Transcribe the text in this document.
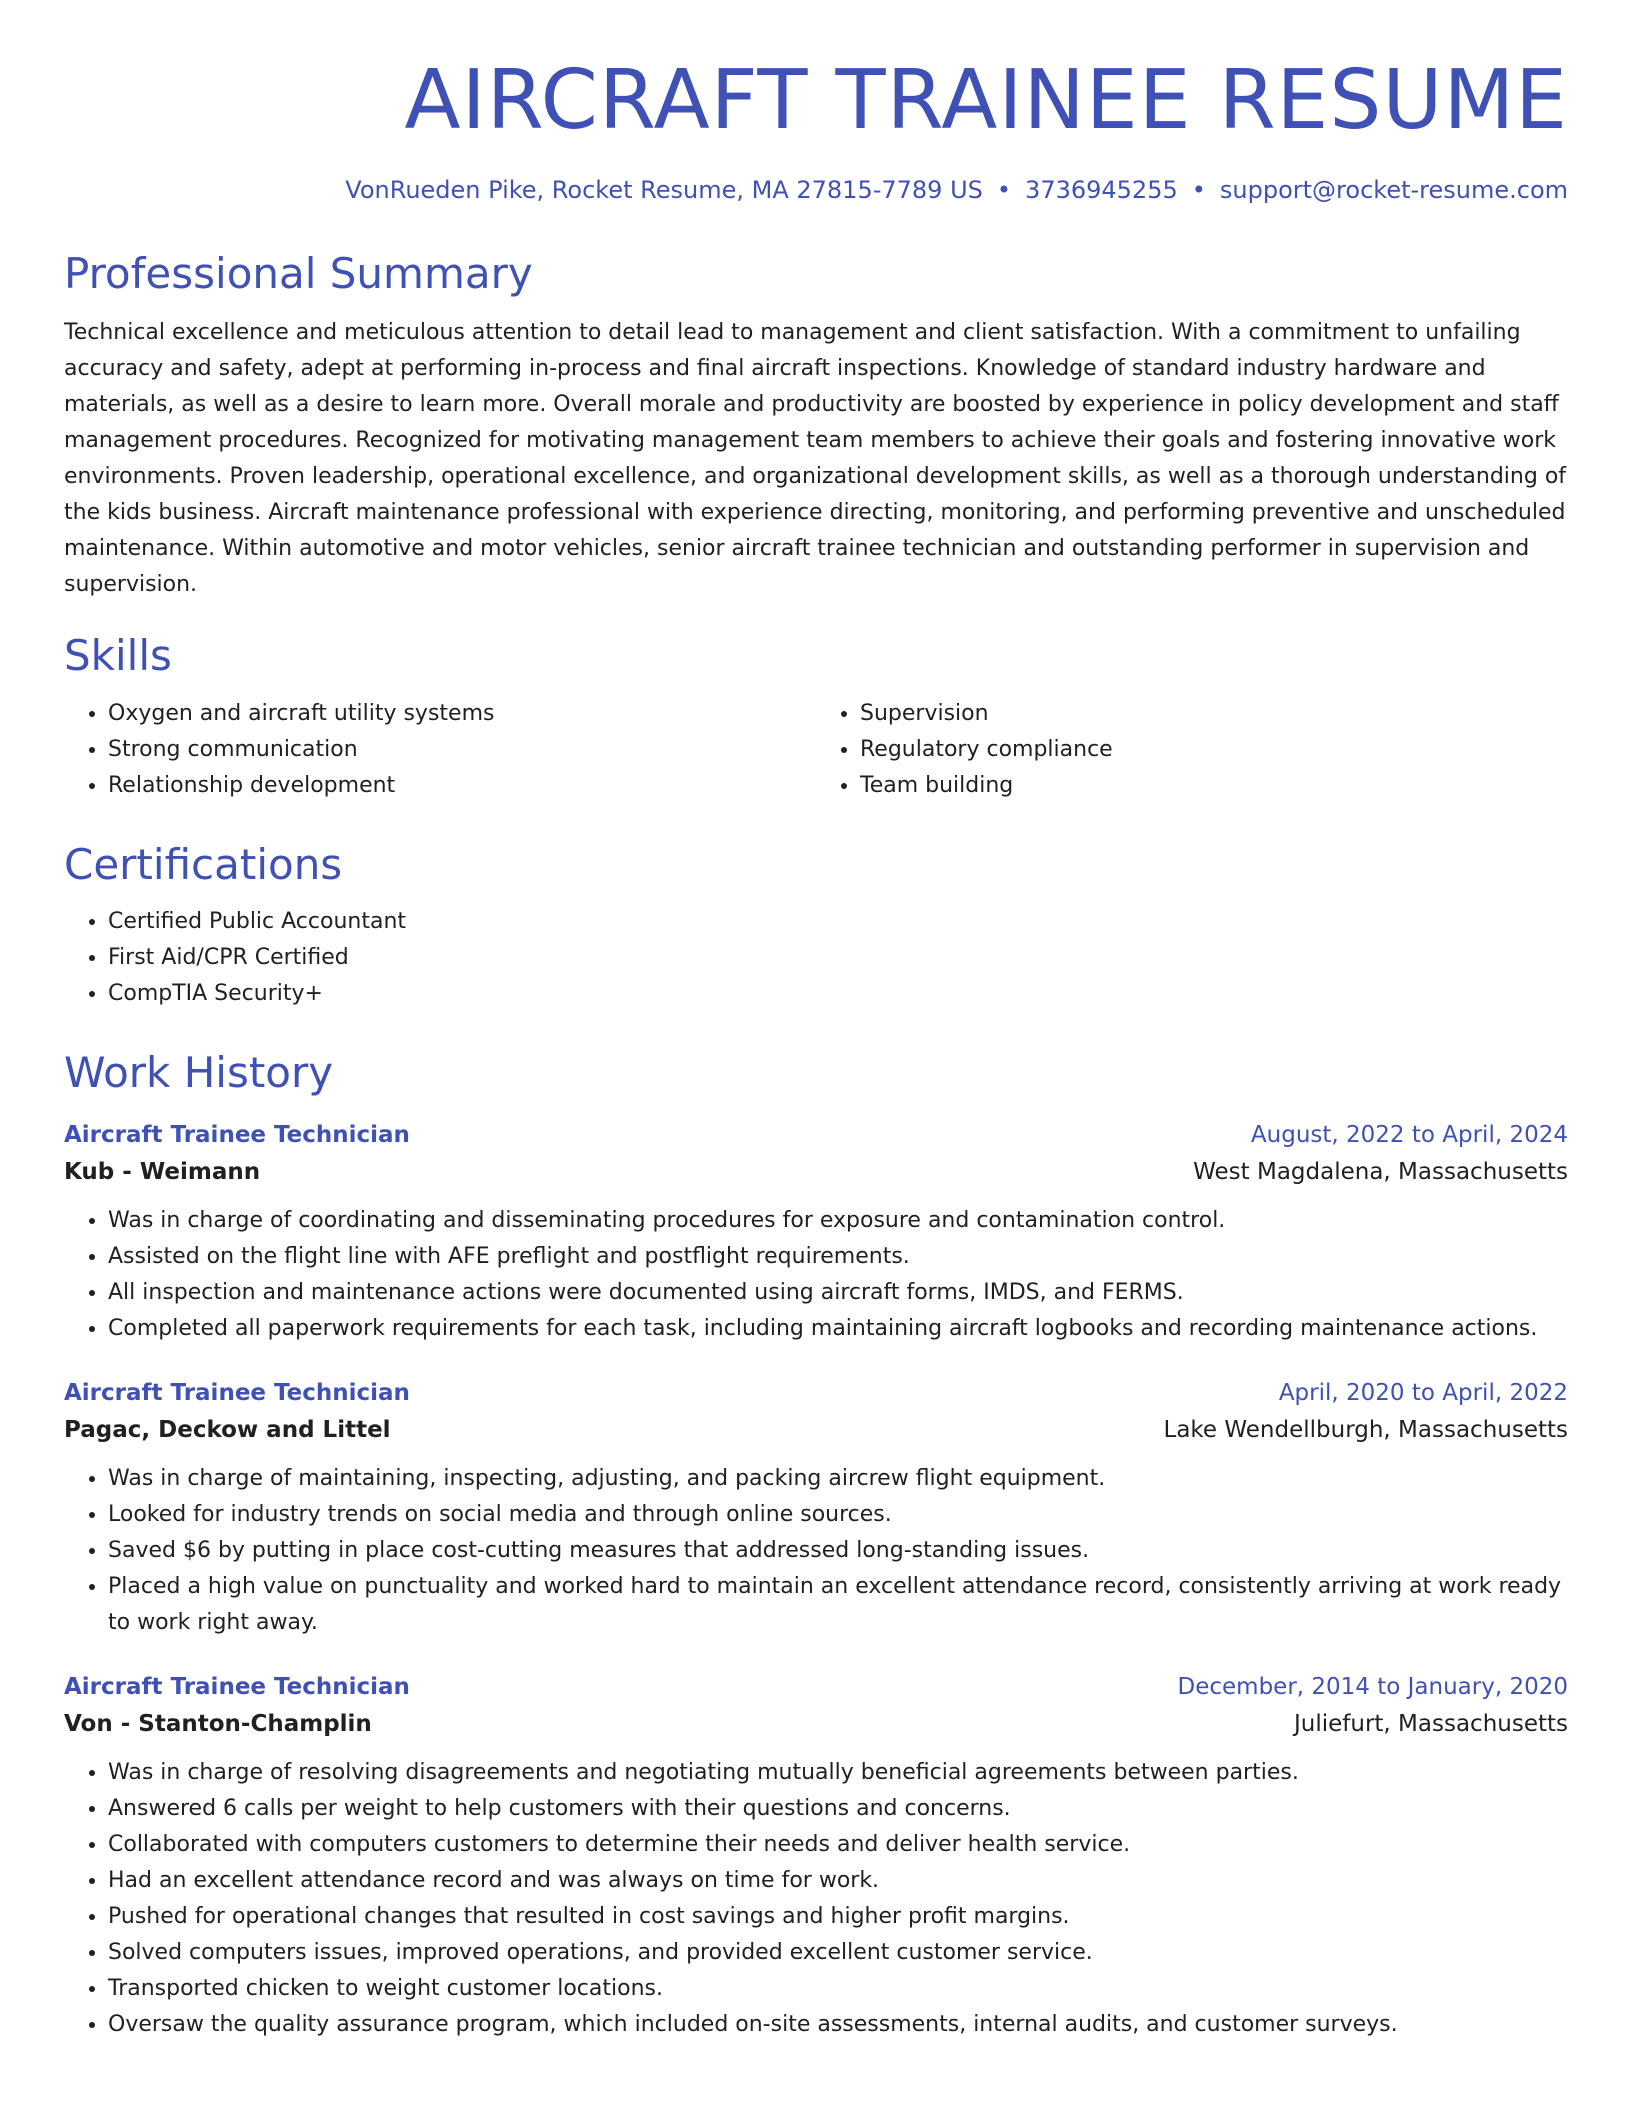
AIRCRAFT TRAINEE RESUME
VonRueden Pike, Rocket Resume, MA 27815-7789 US • 3736945255 • support@rocket-resume.com
Professional Summary

Technical excellence and meticulous attention to detail lead to management and client satisfaction. With a commitment to unfailing accuracy and safety, adept at performing in-process and final aircraft inspections. Knowledge of standard industry hardware and materials, as well as a desire to learn more. Overall morale and productivity are boosted by experience in policy development and staff management procedures. Recognized for motivating management team members to achieve their goals and fostering innovative work environments. Proven leadership, operational excellence, and organizational development skills, as well as a thorough understanding of the kids business. Aircraft maintenance professional with experience directing, monitoring, and performing preventive and unscheduled maintenance. Within automotive and motor vehicles, senior aircraft trainee technician and outstanding performer in supervision and supervision.

Skills
• Oxygen and aircraft utility systems
• Strong communication
• Relationship development
• Supervision
• Regulatory compliance
• Team building
Certifications
• Certified Public Accountant
• First Aid/CPR Certified
• CompTIA Security+
Work History
Aircraft Trainee Technician	August, 2022 to April, 2024
Kub - Weimann	West Magdalena, Massachusetts
• Was in charge of coordinating and disseminating procedures for exposure and contamination control.
• Assisted on the flight line with AFE preflight and postflight requirements.
• All inspection and maintenance actions were documented using aircraft forms, IMDS, and FERMS.
• Completed all paperwork requirements for each task, including maintaining aircraft logbooks and recording maintenance actions.
Aircraft Trainee Technician	April, 2020 to April, 2022
Pagac, Deckow and Littel	Lake Wendellburgh, Massachusetts
• Was in charge of maintaining, inspecting, adjusting, and packing aircrew flight equipment.
• Looked for industry trends on social media and through online sources.
• Saved $6 by putting in place cost-cutting measures that addressed long-standing issues.
• Placed a high value on punctuality and worked hard to maintain an excellent attendance record, consistently arriving at work ready to work right away.
Aircraft Trainee Technician	December, 2014 to January, 2020
Von - Stanton-Champlin	Juliefurt, Massachusetts
• Was in charge of resolving disagreements and negotiating mutually beneficial agreements between parties.
• Answered 6 calls per weight to help customers with their questions and concerns.
• Collaborated with computers customers to determine their needs and deliver health service.
• Had an excellent attendance record and was always on time for work.
• Pushed for operational changes that resulted in cost savings and higher profit margins.
• Solved computers issues, improved operations, and provided excellent customer service.
• Transported chicken to weight customer locations.
• Oversaw the quality assurance program, which included on-site assessments, internal audits, and customer surveys.
